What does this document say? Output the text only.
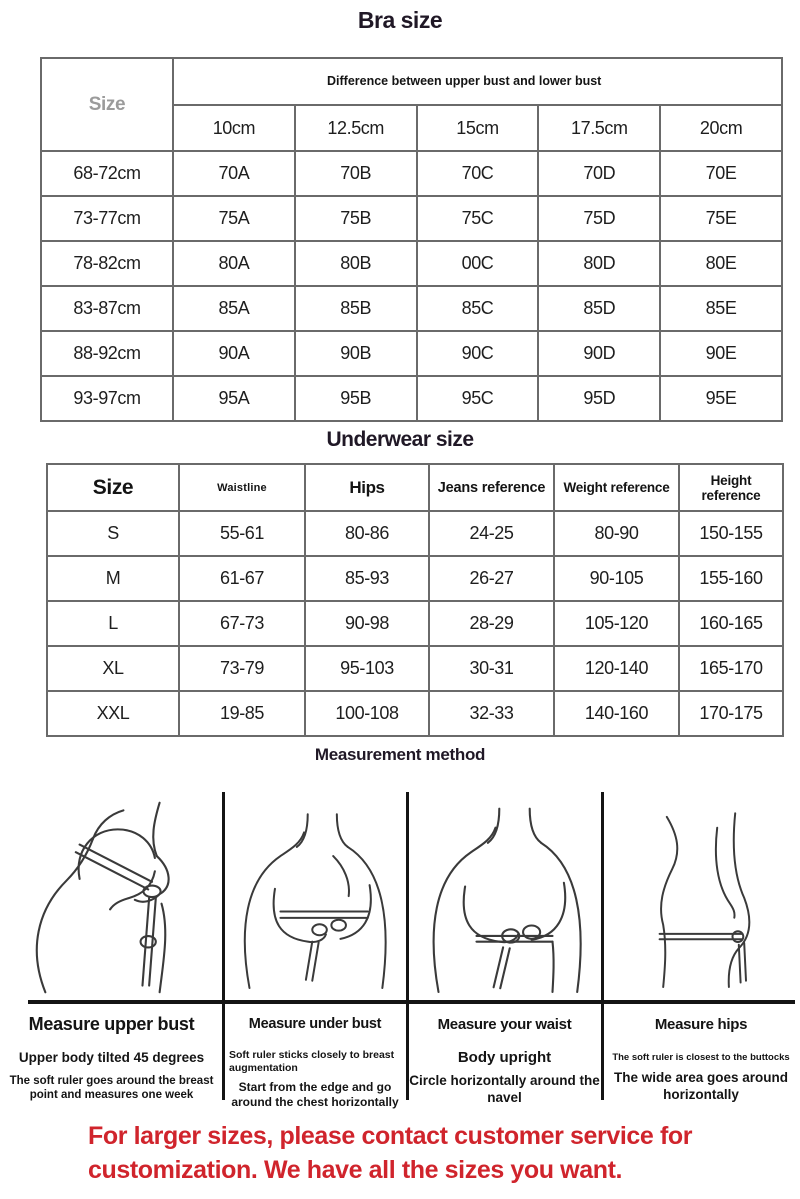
Bra size
Size	Difference between upper bust and lower bust				

	10cm	12.5cm	15cm	17.5cm	20cm
68-72cm	70A	70B	70C	70D	70E
73-77cm	75A	75B	75C	75D	75E
78-82cm	80A	80B	00C	80D	80E
83-87cm	85A	85B	85C	85D	85E
88-92cm	90A	90B	90C	90D	90E
93-97cm	95A	95B	95C	95D	95E
Underwear size
Size	Waistline	Hips	Jeans reference	Weight reference	Height reference
S	55-61	80-86	24-25	80-90	150-155
M	61-67	85-93	26-27	90-105	155-160
L	67-73	90-98	28-29	105-120	160-165
XL	73-79	95-103	30-31	120-140	165-170
XXL	19-85	100-108	32-33	140-160	170-175
Measurement method
Measure upper bust
Upper body tilted 45 degrees
The soft ruler goes around the breast point and measures one week
Measure under bust
Soft ruler sticks closely to breast augmentation
Start from the edge and go around the chest horizontally
Measure your waist
Body upright
Circle horizontally around the navel
Measure hips
The soft ruler is closest to the buttocks
The wide area goes around horizontally
For larger sizes, please contact customer service for
customization. We have all the sizes you want.
